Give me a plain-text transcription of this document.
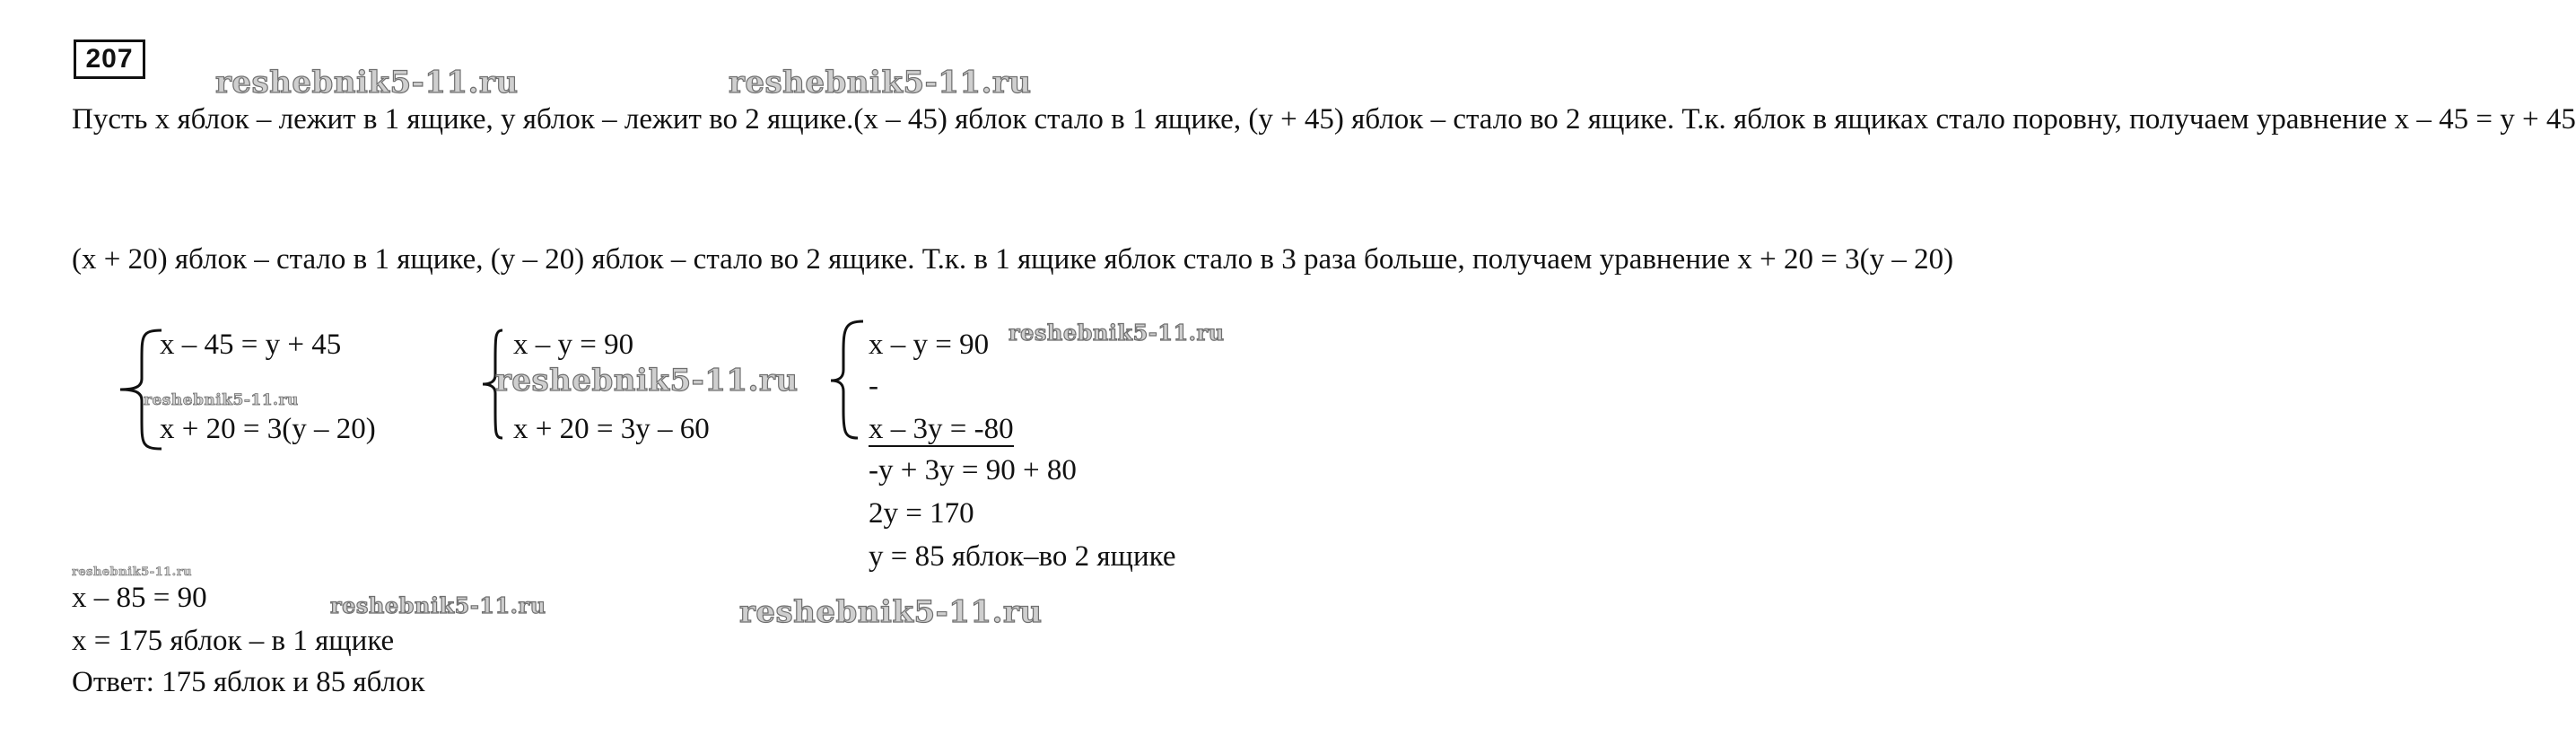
207
Пусть х яблок – лежит в 1 ящике, у яблок – лежит во 2 ящике.(х – 45) яблок стало в 1 ящике, (у + 45) яблок – стало во 2 ящике. Т.к. яблок в ящиках стало поровну, получаем уравнение х – 45 = у + 45
(х + 20) яблок – стало в 1 ящике, (у – 20) яблок – стало во 2 ящике. Т.к. в 1 ящике яблок стало в 3 раза больше, получаем уравнение х + 20 = 3(у – 20)
х – 45 = у + 45
х + 20 = 3(у – 20)
х – у = 90
х + 20 = 3у – 60
х – у = 90
-
х – 3у = -80
-у + 3у = 90 + 80
2у = 170
у = 85 яблок–во 2 ящике
х – 85 = 90
х = 175 яблок – в 1 ящике
Ответ: 175 яблок и 85 яблок
reshebnik5-11.ru	reshebnik5-11.ru
reshebnik5-11.ru
reshebnik5-11.ru
reshebnik5-11.ru
reshebnik5-11.ru
reshebnik5-11.ru	reshebnik5-11.ru
